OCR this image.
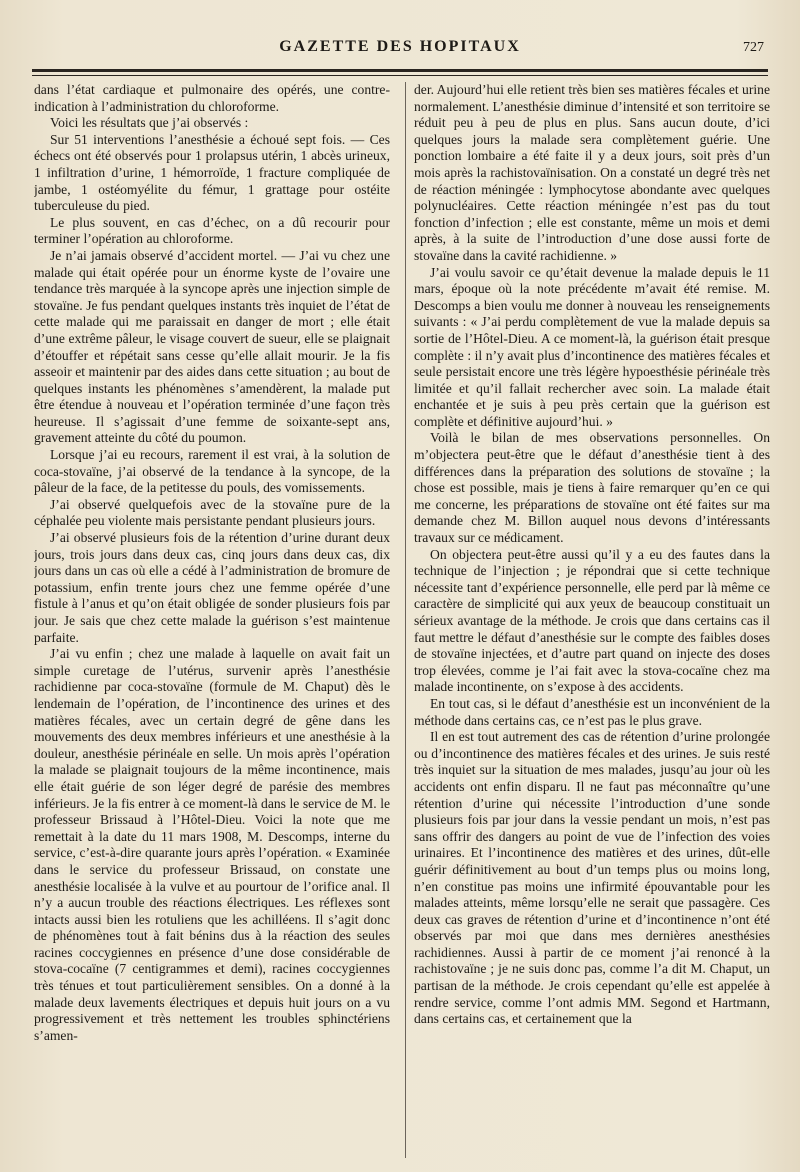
GAZETTE DES HOPITAUX	727

dans l’état cardiaque et pulmonaire des opérés, une contre-indication à l’administration du chloroforme.

Voici les résultats que j’ai observés :

Sur 51 interventions l’anesthésie a échoué sept fois. — Ces échecs ont été observés pour 1 prolapsus utérin, 1 abcès urineux, 1 infiltration d’urine, 1 hémorroïde, 1 fracture compliquée de jambe, 1 ostéomyélite du fémur, 1 grattage pour ostéite tuberculeuse du pied.

Le plus souvent, en cas d’échec, on a dû recourir pour terminer l’opération au chloroforme.

Je n’ai jamais observé d’accident mortel. — J’ai vu chez une malade qui était opérée pour un énorme kyste de l’ovaire une tendance très marquée à la syncope après une injection simple de stovaïne. Je fus pendant quelques instants très inquiet de l’état de cette malade qui me paraissait en danger de mort ; elle était d’une extrême pâleur, le visage couvert de sueur, elle se plaignait d’étouffer et répétait sans cesse qu’elle allait mourir. Je la fis asseoir et maintenir par des aides dans cette situation ; au bout de quelques instants les phénomènes s’amendèrent, la malade put être étendue à nouveau et l’opération terminée d’une façon très heureuse. Il s’agissait d’une femme de soixante-sept ans, gravement atteinte du côté du poumon.

Lorsque j’ai eu recours, rarement il est vrai, à la solution de coca-stovaïne, j’ai observé de la tendance à la syncope, de la pâleur de la face, de la petitesse du pouls, des vomissements.

J’ai observé quelquefois avec de la stovaïne pure de la céphalée peu violente mais persistante pendant plusieurs jours.

J’ai observé plusieurs fois de la rétention d’urine durant deux jours, trois jours dans deux cas, cinq jours dans deux cas, dix jours dans un cas où elle a cédé à l’administration de bromure de potassium, enfin trente jours chez une femme opérée d’une fistule à l’anus et qu’on était obligée de sonder plusieurs fois par jour. Je sais que chez cette malade la guérison s’est maintenue parfaite.

J’ai vu enfin ; chez une malade à laquelle on avait fait un simple curetage de l’utérus, survenir après l’anesthésie rachidienne par coca-stovaïne (formule de M. Chaput) dès le lendemain de l’opération, de l’incontinence des urines et des matières fécales, avec un certain degré de gêne dans les mouvements des deux membres inférieurs et une anesthésie à la douleur, anesthésie périnéale en selle. Un mois après l’opération la malade se plaignait toujours de la même incontinence, mais elle était guérie de son léger degré de parésie des membres inférieurs. Je la fis entrer à ce moment-là dans le service de M. le professeur Brissaud à l’Hôtel-Dieu. Voici la note que me remettait à la date du 11 mars 1908, M. Descomps, interne du service, c’est-à-dire quarante jours après l’opération. « Examinée dans le service du professeur Brissaud, on constate une anesthésie localisée à la vulve et au pourtour de l’orifice anal. Il n’y a aucun trouble des réactions électriques. Les réflexes sont intacts aussi bien les rotuliens que les achilléens. Il s’agit donc de phénomènes tout à fait bénins dus à la réaction des seules racines coccygiennes en présence d’une dose considérable de stova-cocaïne (7 centigrammes et demi), racines coccygiennes très ténues et tout particulièrement sensibles. On a donné à la malade deux lavements électriques et depuis huit jours on a vu progressivement et très nettement les troubles sphinctériens s’amen-

der. Aujourd’hui elle retient très bien ses matières fécales et urine normalement. L’anesthésie diminue d’intensité et son territoire se réduit peu à peu de plus en plus. Sans aucun doute, d’ici quelques jours la malade sera complètement guérie. Une ponction lombaire a été faite il y a deux jours, soit près d’un mois après la rachistovaïnisation. On a constaté un degré très net de réaction méningée : lymphocytose abondante avec quelques polynucléaires. Cette réaction méningée n’est pas du tout fonction d’infection ; elle est constante, même un mois et demi après, à la suite de l’introduction d’une dose aussi forte de stovaïne dans la cavité rachidienne. »

J’ai voulu savoir ce qu’était devenue la malade depuis le 11 mars, époque où la note précédente m’avait été remise. M. Descomps a bien voulu me donner à nouveau les renseignements suivants : « J’ai perdu complètement de vue la malade depuis sa sortie de l’Hôtel-Dieu. A ce moment-là, la guérison était presque complète : il n’y avait plus d’incontinence des matières fécales et seule persistait encore une très légère hypoesthésie périnéale très limitée et qu’il fallait rechercher avec soin. La malade était enchantée et je suis à peu près certain que la guérison est complète et définitive aujourd’hui. »

Voilà le bilan de mes observations personnelles. On m’objectera peut-être que le défaut d’anesthésie tient à des différences dans la préparation des solutions de stovaïne ; la chose est possible, mais je tiens à faire remarquer qu’en ce qui me concerne, les préparations de stovaïne ont été faites sur ma demande chez M. Billon auquel nous devons d’intéressants travaux sur ce médicament.

On objectera peut-être aussi qu’il y a eu des fautes dans la technique de l’injection ; je répondrai que si cette technique nécessite tant d’expérience personnelle, elle perd par là même ce caractère de simplicité qui aux yeux de beaucoup constituait un sérieux avantage de la méthode. Je crois que dans certains cas il faut mettre le défaut d’anesthésie sur le compte des faibles doses de stovaïne injectées, et d’autre part quand on injecte des doses trop élevées, comme je l’ai fait avec la stova-cocaïne chez ma malade incontinente, on s’expose à des accidents.

En tout cas, si le défaut d’anesthésie est un inconvénient de la méthode dans certains cas, ce n’est pas le plus grave.

Il en est tout autrement des cas de rétention d’urine prolongée ou d’incontinence des matières fécales et des urines. Je suis resté très inquiet sur la situation de mes malades, jusqu’au jour où les accidents ont enfin disparu. Il ne faut pas méconnaître qu’une rétention d’urine qui nécessite l’introduction d’une sonde plusieurs fois par jour dans la vessie pendant un mois, n’est pas sans offrir des dangers au point de vue de l’infection des voies urinaires. Et l’incontinence des matières et des urines, dût-elle guérir définitivement au bout d’un temps plus ou moins long, n’en constitue pas moins une infirmité épouvantable pour les malades atteints, même lorsqu’elle ne serait que passagère. Ces deux cas graves de rétention d’urine et d’incontinence n’ont été observés par moi que dans mes dernières anesthésies rachidiennes. Aussi à partir de ce moment j’ai renoncé à la rachistovaïne ; je ne suis donc pas, comme l’a dit M. Chaput, un partisan de la méthode. Je crois cependant qu’elle est appelée à rendre service, comme l’ont admis MM. Segond et Hartmann, dans certains cas, et certainement que la
